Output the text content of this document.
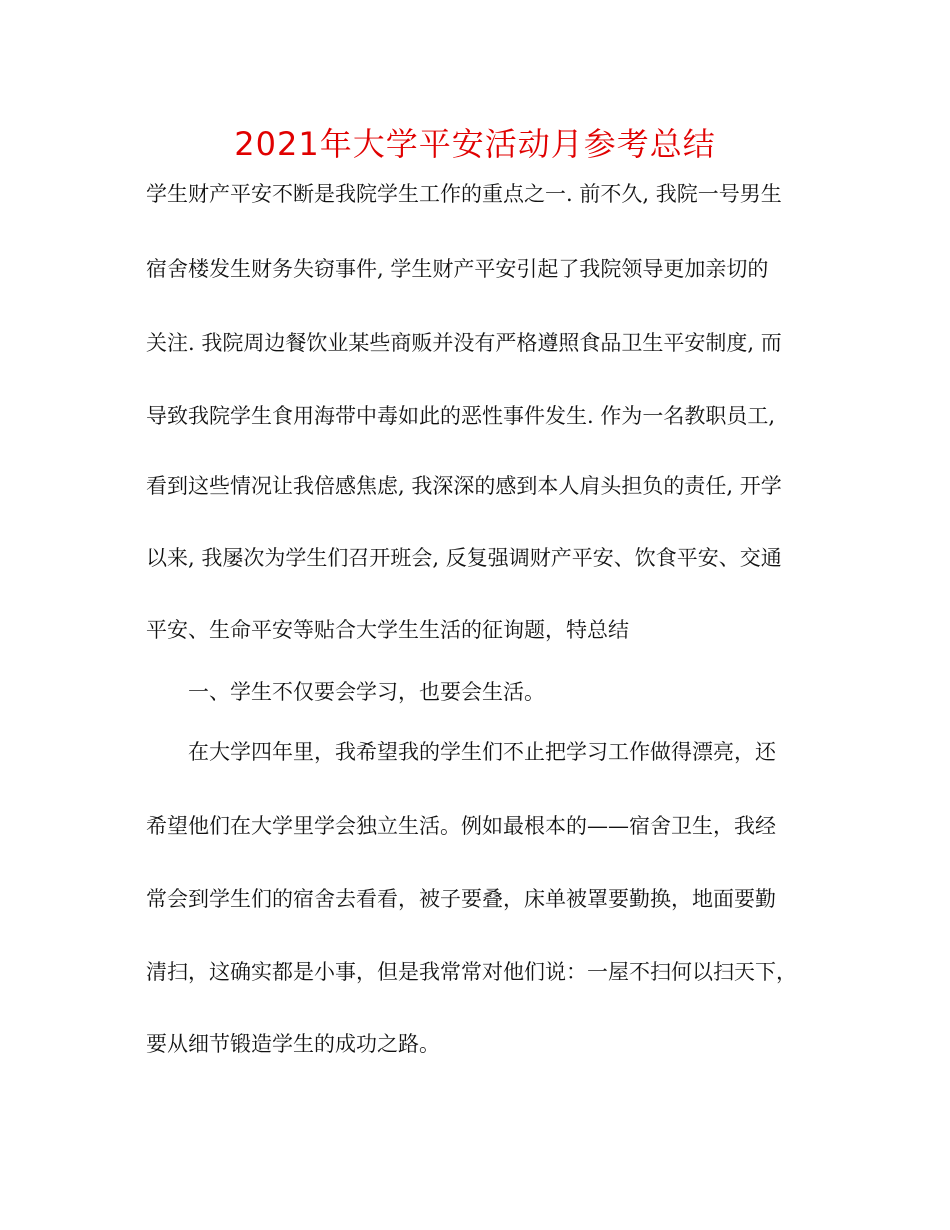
2021年大学平安活动月参考总结
学生财产平安不断是我院学生工作的重点之一. 前不久, 我院一号男生
宿舍楼发生财务失窃事件, 学生财产平安引起了我院领导更加亲切的
关注. 我院周边餐饮业某些商贩并没有严格遵照食品卫生平安制度, 而
导致我院学生食用海带中毒如此的恶性事件发生. 作为一名教职员工,
看到这些情况让我倍感焦虑, 我深深的感到本人肩头担负的责任, 开学
以来, 我屡次为学生们召开班会, 反复强调财产平安、饮食平安、交通
平安、生命平安等贴合大学生生活的征询题，特总结
一、学生不仅要会学习，也要会生活。
在大学四年里，我希望我的学生们不止把学习工作做得漂亮，还
希望他们在大学里学会独立生活。例如最根本的——宿舍卫生，我经
常会到学生们的宿舍去看看，被子要叠，床单被罩要勤换，地面要勤
清扫，这确实都是小事，但是我常常对他们说：一屋不扫何以扫天下，
要从细节锻造学生的成功之路。
